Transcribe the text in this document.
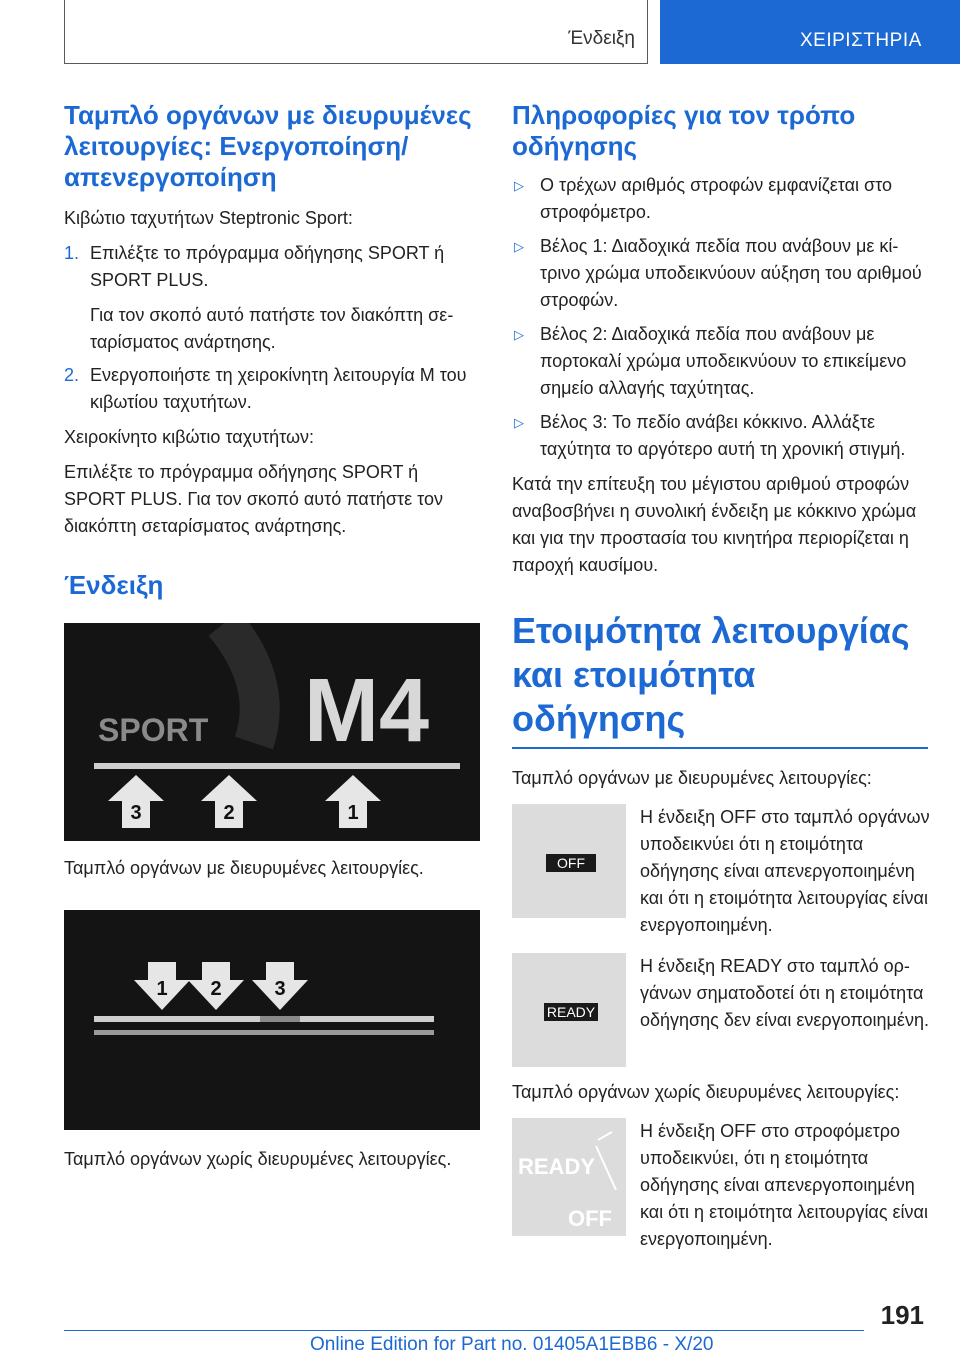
Ένδειξη	ΧΕΙΡΙΣΤΗΡΙΑ
Ταμπλό οργάνων με διευρυμένες λειτουργίες: Ενεργοποίηση/απενεργοποίηση

Κιβώτιο ταχυτήτων Steptronic Sport:

1. Επιλέξτε το πρόγραμμα οδήγησης SPORT ή SPORT PLUS.

Για τον σκοπό αυτό πατήστε τον διακόπτη σεταρίσματος ανάρτησης.

2. Ενεργοποιήστε τη χειροκίνητη λειτουργία M του κιβωτίου ταχυτήτων.

Χειροκίνητο κιβώτιο ταχυτήτων:

Επιλέξτε το πρόγραμμα οδήγησης SPORT ή SPORT PLUS. Για τον σκοπό αυτό πατήστε τον διακόπτη σεταρίσματος ανάρτησης.

Ένδειξη
SPORT M4
3	2	1

Ταμπλό οργάνων με διευρυμένες λειτουργίες.

1 2	3

Ταμπλό οργάνων χωρίς διευρυμένες λειτουργίες.

Πληροφορίες για τον τρόπο οδήγησης
▷ Ο τρέχων αριθμός στροφών εμφανίζεται στο στροφόμετρο.
▷ Βέλος 1: Διαδοχικά πεδία που ανάβουν με κίτρινο χρώμα υποδεικνύουν αύξηση του αριθμού στροφών.
▷ Βέλος 2: Διαδοχικά πεδία που ανάβουν με πορτοκαλί χρώμα υποδεικνύουν το επικείμενο σημείο αλλαγής ταχύτητας.
▷ Βέλος 3: Το πεδίο ανάβει κόκκινο. Αλλάξτε ταχύτητα το αργότερο αυτή τη χρονική στιγμή.

Κατά την επίτευξη του μέγιστου αριθμού στροφών αναβοσβήνει η συνολική ένδειξη με κόκκινο χρώμα και για την προστασία του κινητήρα περιορίζεται η παροχή καυσίμου.

Ετοιμότητα λειτουργίας και ετοιμότητα οδήγησης

Ταμπλό οργάνων με διευρυμένες λειτουργίες:

OFF

Η ένδειξη OFF στο ταμπλό οργάνων υποδεικνύει ότι η ετοιμότητα οδήγησης είναι απενεργοποιημένη και ότι η ετοιμότητα λειτουργίας είναι ενεργοποιημένη.

READY

Η ένδειξη READY στο ταμπλό οργάνων σηματοδοτεί ότι η ετοιμότητα οδήγησης δεν είναι ενεργοποιημένη.

Ταμπλό οργάνων χωρίς διευρυμένες λειτουργίες:

READY
OFF

Η ένδειξη OFF στο στροφόμετρο υποδεικνύει, ότι η ετοιμότητα οδήγησης είναι απενεργοποιημένη και ότι η ετοιμότητα λειτουργίας είναι ενεργοποιημένη.

191
Online Edition for Part no. 01405A1EBB6 - X/20
